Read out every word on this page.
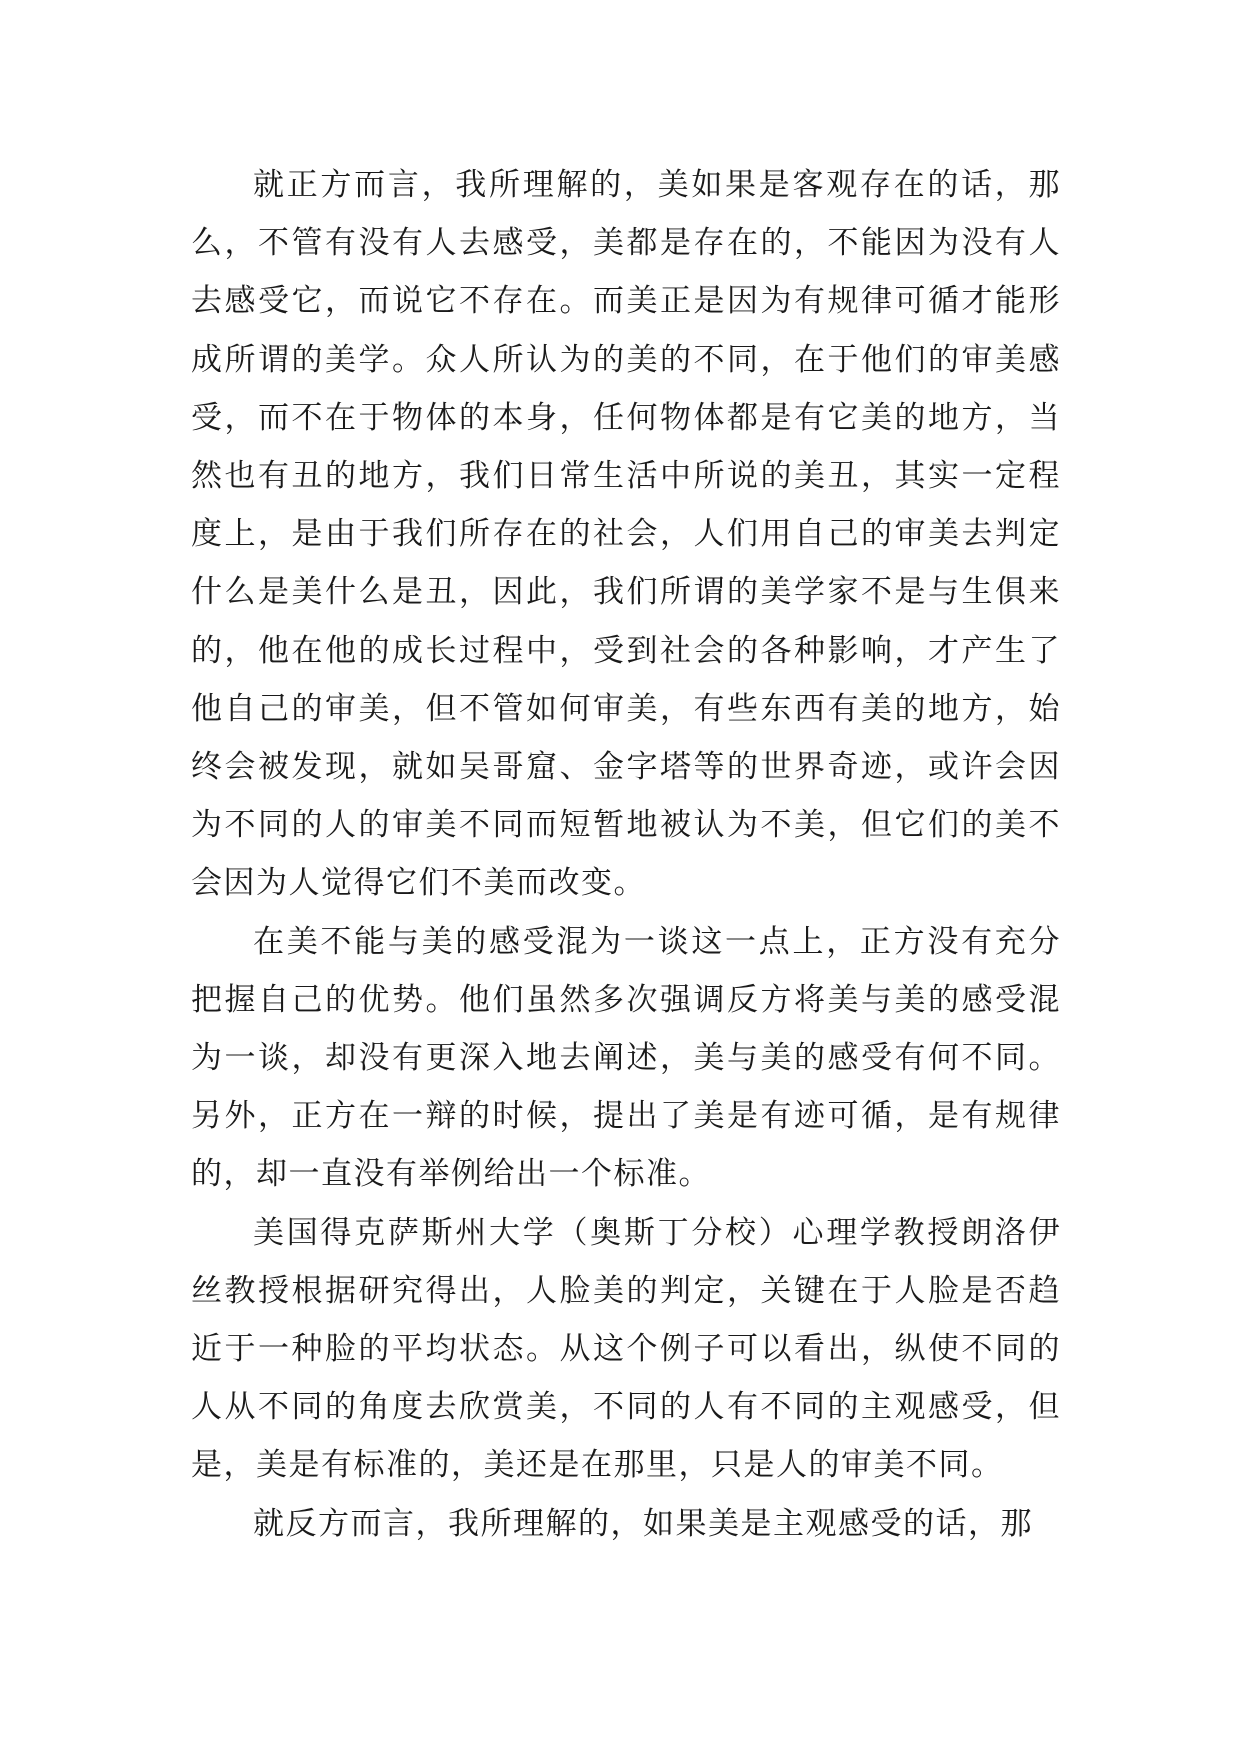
就正方而言，我所理解的，美如果是客观存在的话，那么，不管有没有人去感受，美都是存在的，不能因为没有人去感受它，而说它不存在。而美正是因为有规律可循才能形成所谓的美学。众人所认为的美的不同，在于他们的审美感受，而不在于物体的本身，任何物体都是有它美的地方，当然也有丑的地方，我们日常生活中所说的美丑，其实一定程度上，是由于我们所存在的社会，人们用自己的审美去判定什么是美什么是丑，因此，我们所谓的美学家不是与生俱来的，他在他的成长过程中，受到社会的各种影响，才产生了他自己的审美，但不管如何审美，有些东西有美的地方，始终会被发现，就如吴哥窟、金字塔等的世界奇迹，或许会因为不同的人的审美不同而短暂地被认为不美，但它们的美不会因为人觉得它们不美而改变。

在美不能与美的感受混为一谈这一点上，正方没有充分把握自己的优势。他们虽然多次强调反方将美与美的感受混为一谈，却没有更深入地去阐述，美与美的感受有何不同。另外，正方在一辩的时候，提出了美是有迹可循，是有规律的，却一直没有举例给出一个标准。

美国得克萨斯州大学（奥斯丁分校）心理学教授朗洛伊丝教授根据研究得出，人脸美的判定，关键在于人脸是否趋近于一种脸的平均状态。从这个例子可以看出，纵使不同的人从不同的角度去欣赏美，不同的人有不同的主观感受，但是，美是有标准的，美还是在那里，只是人的审美不同。

就反方而言，我所理解的，如果美是主观感受的话，那
